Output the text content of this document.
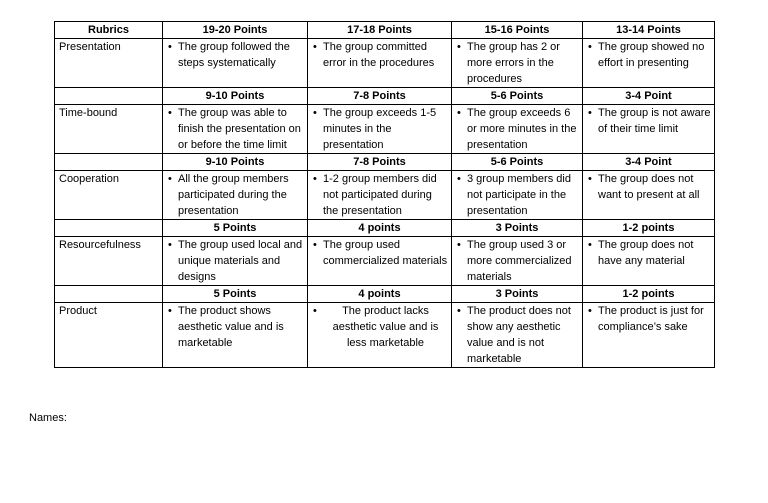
Rubrics	19-20 Points	17-18 Points	15-16 Points	13-14 Points
Presentation	• The group followed the steps systematically	• The group committed error in the procedures	• The group has 2 or more errors in the procedures	• The group showed no effort in presenting

	9-10 Points	7-8 Points	5-6 Points	3-4 Point
Time-bound	• The group was able to finish the presentation on or before the time limit	• The group exceeds 1-5 minutes in the presentation	• The group exceeds 6 or more minutes in the presentation	• The group is not aware of their time limit

	9-10 Points	7-8 Points	5-6 Points	3-4 Point
Cooperation	• All the group members participated during the presentation	• 1-2 group members did not participated during the presentation	• 3 group members did not participate in the presentation	• The group does not want to present at all

	5 Points	4 points	3 Points	1-2 points
Resourcefulness	• The group used local and unique materials and designs	• The group used commercialized materials	• The group used 3 or more commercialized materials	• The group does not have any material

	5 Points	4 points	3 Points	1-2 points
Product	• The product shows aesthetic value and is marketable	• The product lacks aesthetic value and is less marketable	• The product does not show any aesthetic value and is not marketable	• The product is just for compliance’s sake
Names:
